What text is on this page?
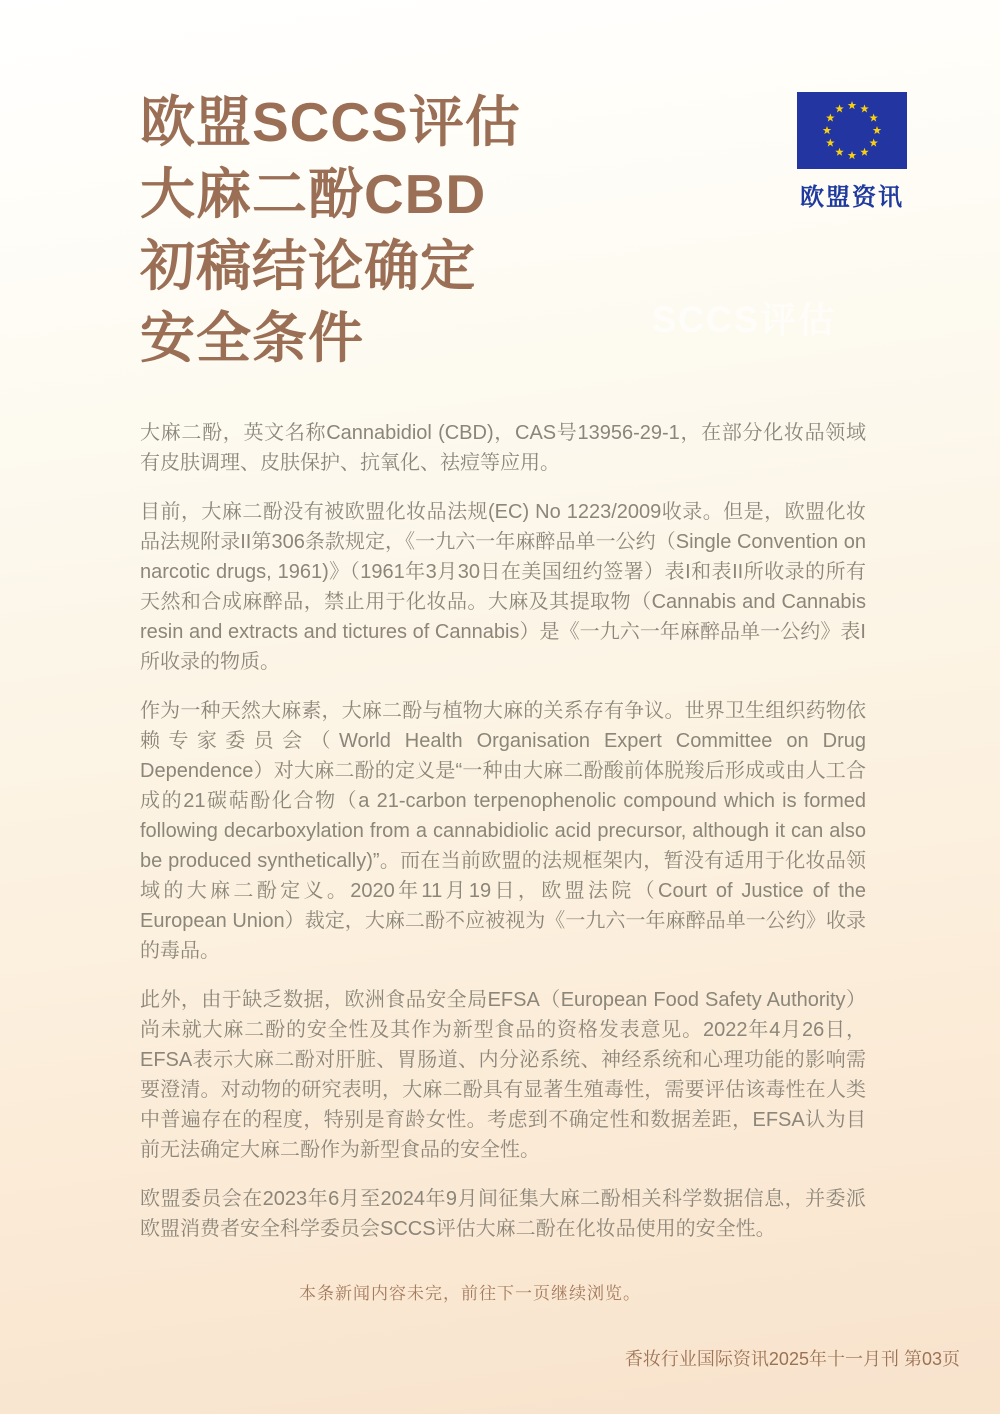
欧盟SCCS评估
大麻二酚CBD
初稿结论确定
安全条件
欧盟资讯
SCCS评估

大麻二酚，英文名称Cannabidiol (CBD)，CAS号13956-29-1，在部分化妆品领域有皮肤调理、皮肤保护、抗氧化、祛痘等应用。

目前，大麻二酚没有被欧盟化妆品法规(EC) No 1223/2009收录。但是，欧盟化妆品法规附录II第306条款规定，《一九六一年麻醉品单一公约（Single Convention on narcotic drugs, 1961)》（1961年3月30日在美国纽约签署）表I和表II所收录的所有天然和合成麻醉品，禁止用于化妆品。大麻及其提取物（Cannabis and Cannabis resin and extracts and tictures of Cannabis）是《一九六一年麻醉品单一公约》表I所收录的物质。

作为一种天然大麻素，大麻二酚与植物大麻的关系存有争议。世界卫生组织药物依赖专家委员会（World Health Organisation Expert Committee on Drug Dependence）对大麻二酚的定义是“一种由大麻二酚酸前体脱羧后形成或由人工合成的21碳萜酚化合物（a 21-carbon terpenophenolic compound which is formed following decarboxylation from a cannabidiolic acid precursor, although it can also be produced synthetically)”。而在当前欧盟的法规框架内，暂没有适用于化妆品领域的大麻二酚定义。2020年11月19日，欧盟法院（Court of Justice of the European Union）裁定，大麻二酚不应被视为《一九六一年麻醉品单一公约》收录的毒品。

此外，由于缺乏数据，欧洲食品安全局EFSA（European Food Safety Authority）尚未就大麻二酚的安全性及其作为新型食品的资格发表意见。2022年4月26日，EFSA表示大麻二酚对肝脏、胃肠道、内分泌系统、神经系统和心理功能的影响需要澄清。对动物的研究表明，大麻二酚具有显著生殖毒性，需要评估该毒性在人类中普遍存在的程度，特别是育龄女性。考虑到不确定性和数据差距，EFSA认为目前无法确定大麻二酚作为新型食品的安全性。

欧盟委员会在2023年6月至2024年9月间征集大麻二酚相关科学数据信息，并委派欧盟消费者安全科学委员会SCCS评估大麻二酚在化妆品使用的安全性。

本条新闻内容未完，前往下一页继续浏览。
香妆行业国际资讯2025年十一月刊 第03页
